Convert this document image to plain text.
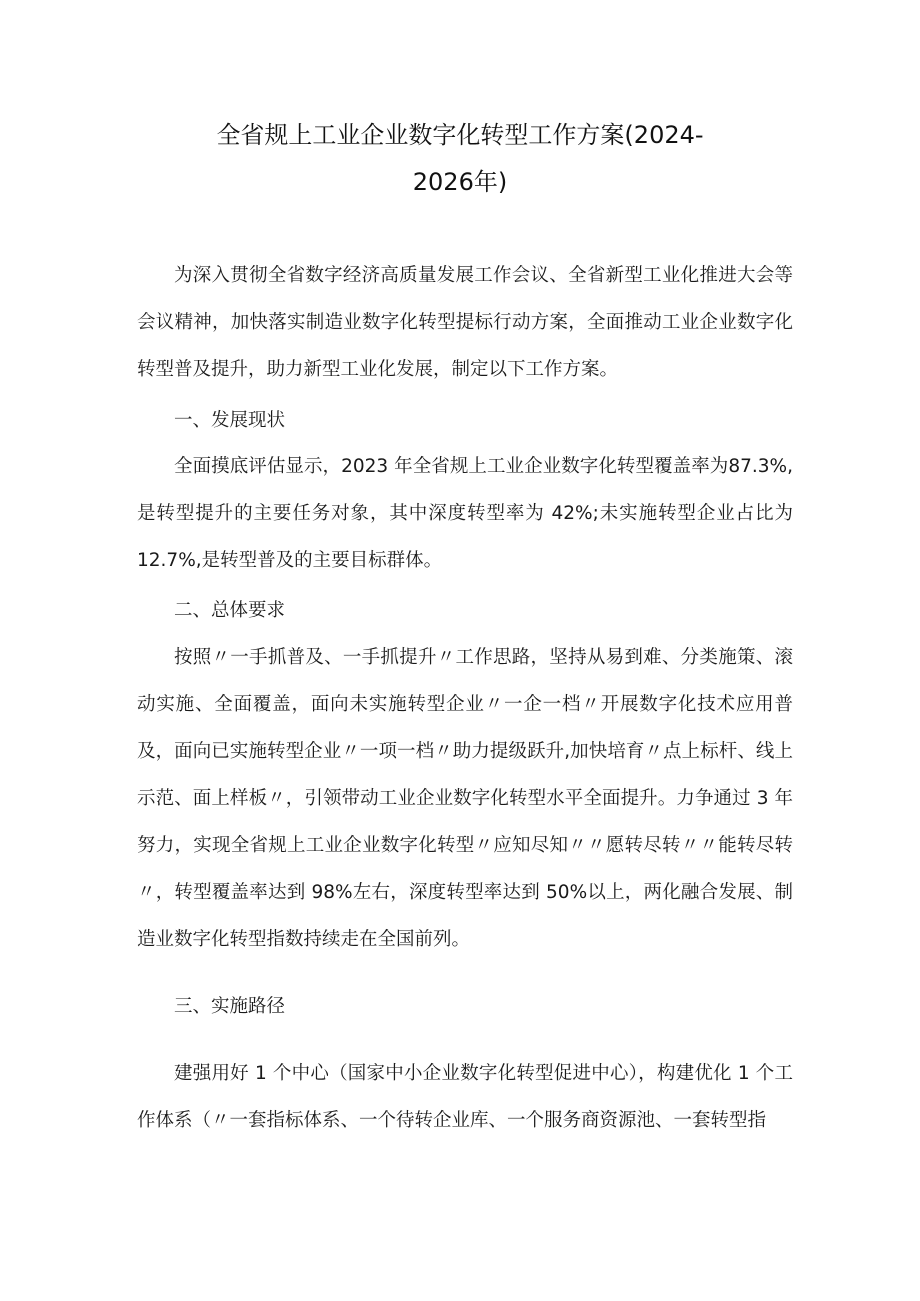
全省规上工业企业数字化转型工作方案(2024-
2026年)

为深入贯彻全省数字经济高质量发展工作会议、全省新型工业化推进大会等会议精神，加快落实制造业数字化转型提标行动方案，全面推动工业企业数字化转型普及提升，助力新型工业化发展，制定以下工作方案。

一、发展现状

全面摸底评估显示，2023 年全省规上工业企业数字化转型覆盖率为87.3%,是转型提升的主要任务对象，其中深度转型率为 42%;未实施转型企业占比为 12.7%,是转型普及的主要目标群体。

二、总体要求

按照〃一手抓普及、一手抓提升〃工作思路，坚持从易到难、分类施策、滚动实施、全面覆盖，面向未实施转型企业〃一企一档〃开展数字化技术应用普及，面向已实施转型企业〃一项一档〃助力提级跃升,加快培育〃点上标杆、线上示范、面上样板〃，引领带动工业企业数字化转型水平全面提升。力争通过 3 年努力，实现全省规上工业企业数字化转型〃应知尽知〃〃愿转尽转〃〃能转尽转〃，转型覆盖率达到 98%左右，深度转型率达到 50%以上，两化融合发展、制造业数字化转型指数持续走在全国前列。

三、实施路径

建强用好 1 个中心（国家中小企业数字化转型促进中心），构建优化 1 个工作体系（〃一套指标体系、一个待转企业库、一个服务商资源池、一套转型指
